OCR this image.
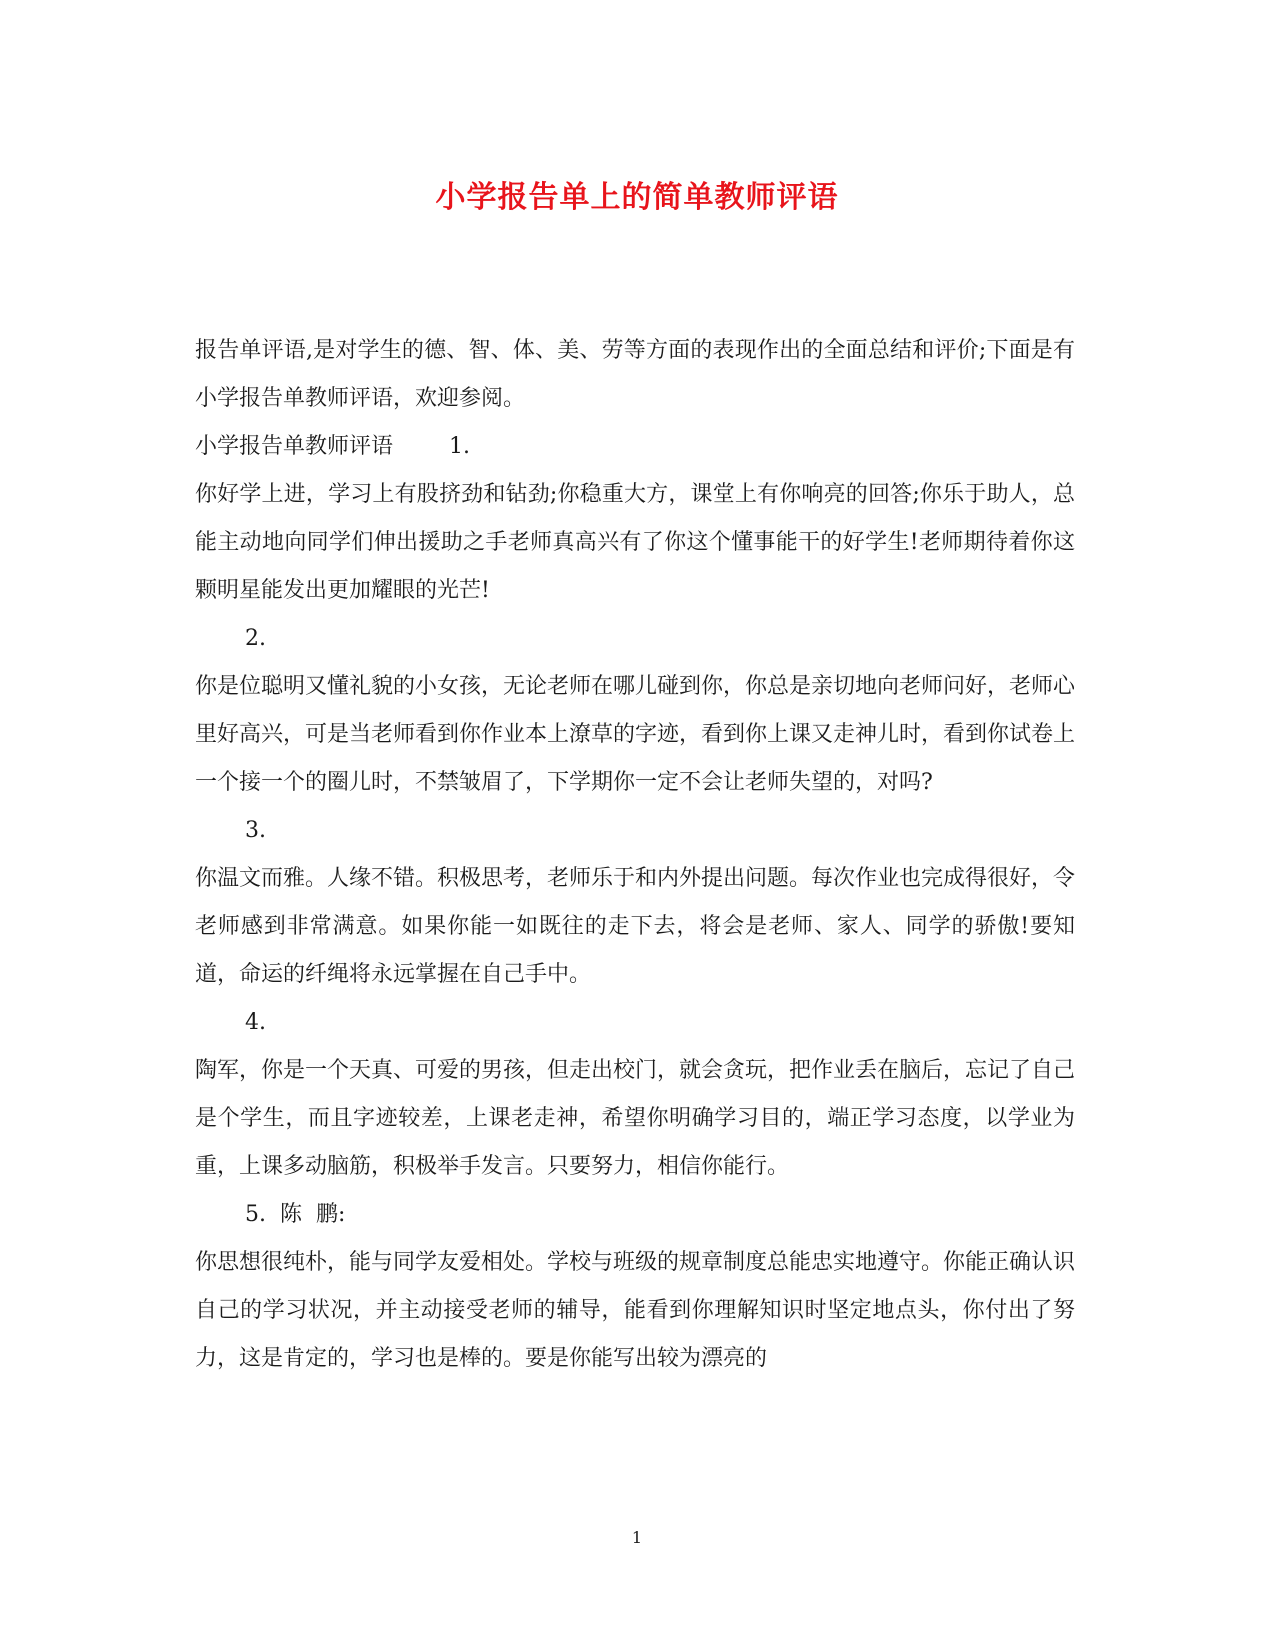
小学报告单上的简单教师评语

报告单评语,是对学生的德、智、体、美、劳等方面的表现作出的全面总结和评价;下面是有小学报告单教师评语，欢迎参阅。

小学报告单教师评语	1.

你好学上进，学习上有股挤劲和钻劲;你稳重大方，课堂上有你响亮的回答;你乐于助人，总能主动地向同学们伸出援助之手老师真高兴有了你这个懂事能干的好学生!老师期待着你这颗明星能发出更加耀眼的光芒!

2.

你是位聪明又懂礼貌的小女孩，无论老师在哪儿碰到你，你总是亲切地向老师问好，老师心里好高兴，可是当老师看到你作业本上潦草的字迹，看到你上课又走神儿时，看到你试卷上一个接一个的圈儿时，不禁皱眉了，下学期你一定不会让老师失望的，对吗?

3.

你温文而雅。人缘不错。积极思考，老师乐于和内外提出问题。每次作业也完成得很好，令老师感到非常满意。如果你能一如既往的走下去，将会是老师、家人、同学的骄傲!要知道，命运的纤绳将永远掌握在自己手中。

4.

陶军，你是一个天真、可爱的男孩，但走出校门，就会贪玩，把作业丢在脑后，忘记了自己是个学生，而且字迹较差，上课老走神，希望你明确学习目的，端正学习态度，以学业为重，上课多动脑筋，积极举手发言。只要努力，相信你能行。

5.  陈  鹏:

你思想很纯朴，能与同学友爱相处。学校与班级的规章制度总能忠实地遵守。你能正确认识自己的学习状况，并主动接受老师的辅导，能看到你理解知识时坚定地点头，你付出了努力，这是肯定的，学习也是棒的。要是你能写出较为漂亮的

1
